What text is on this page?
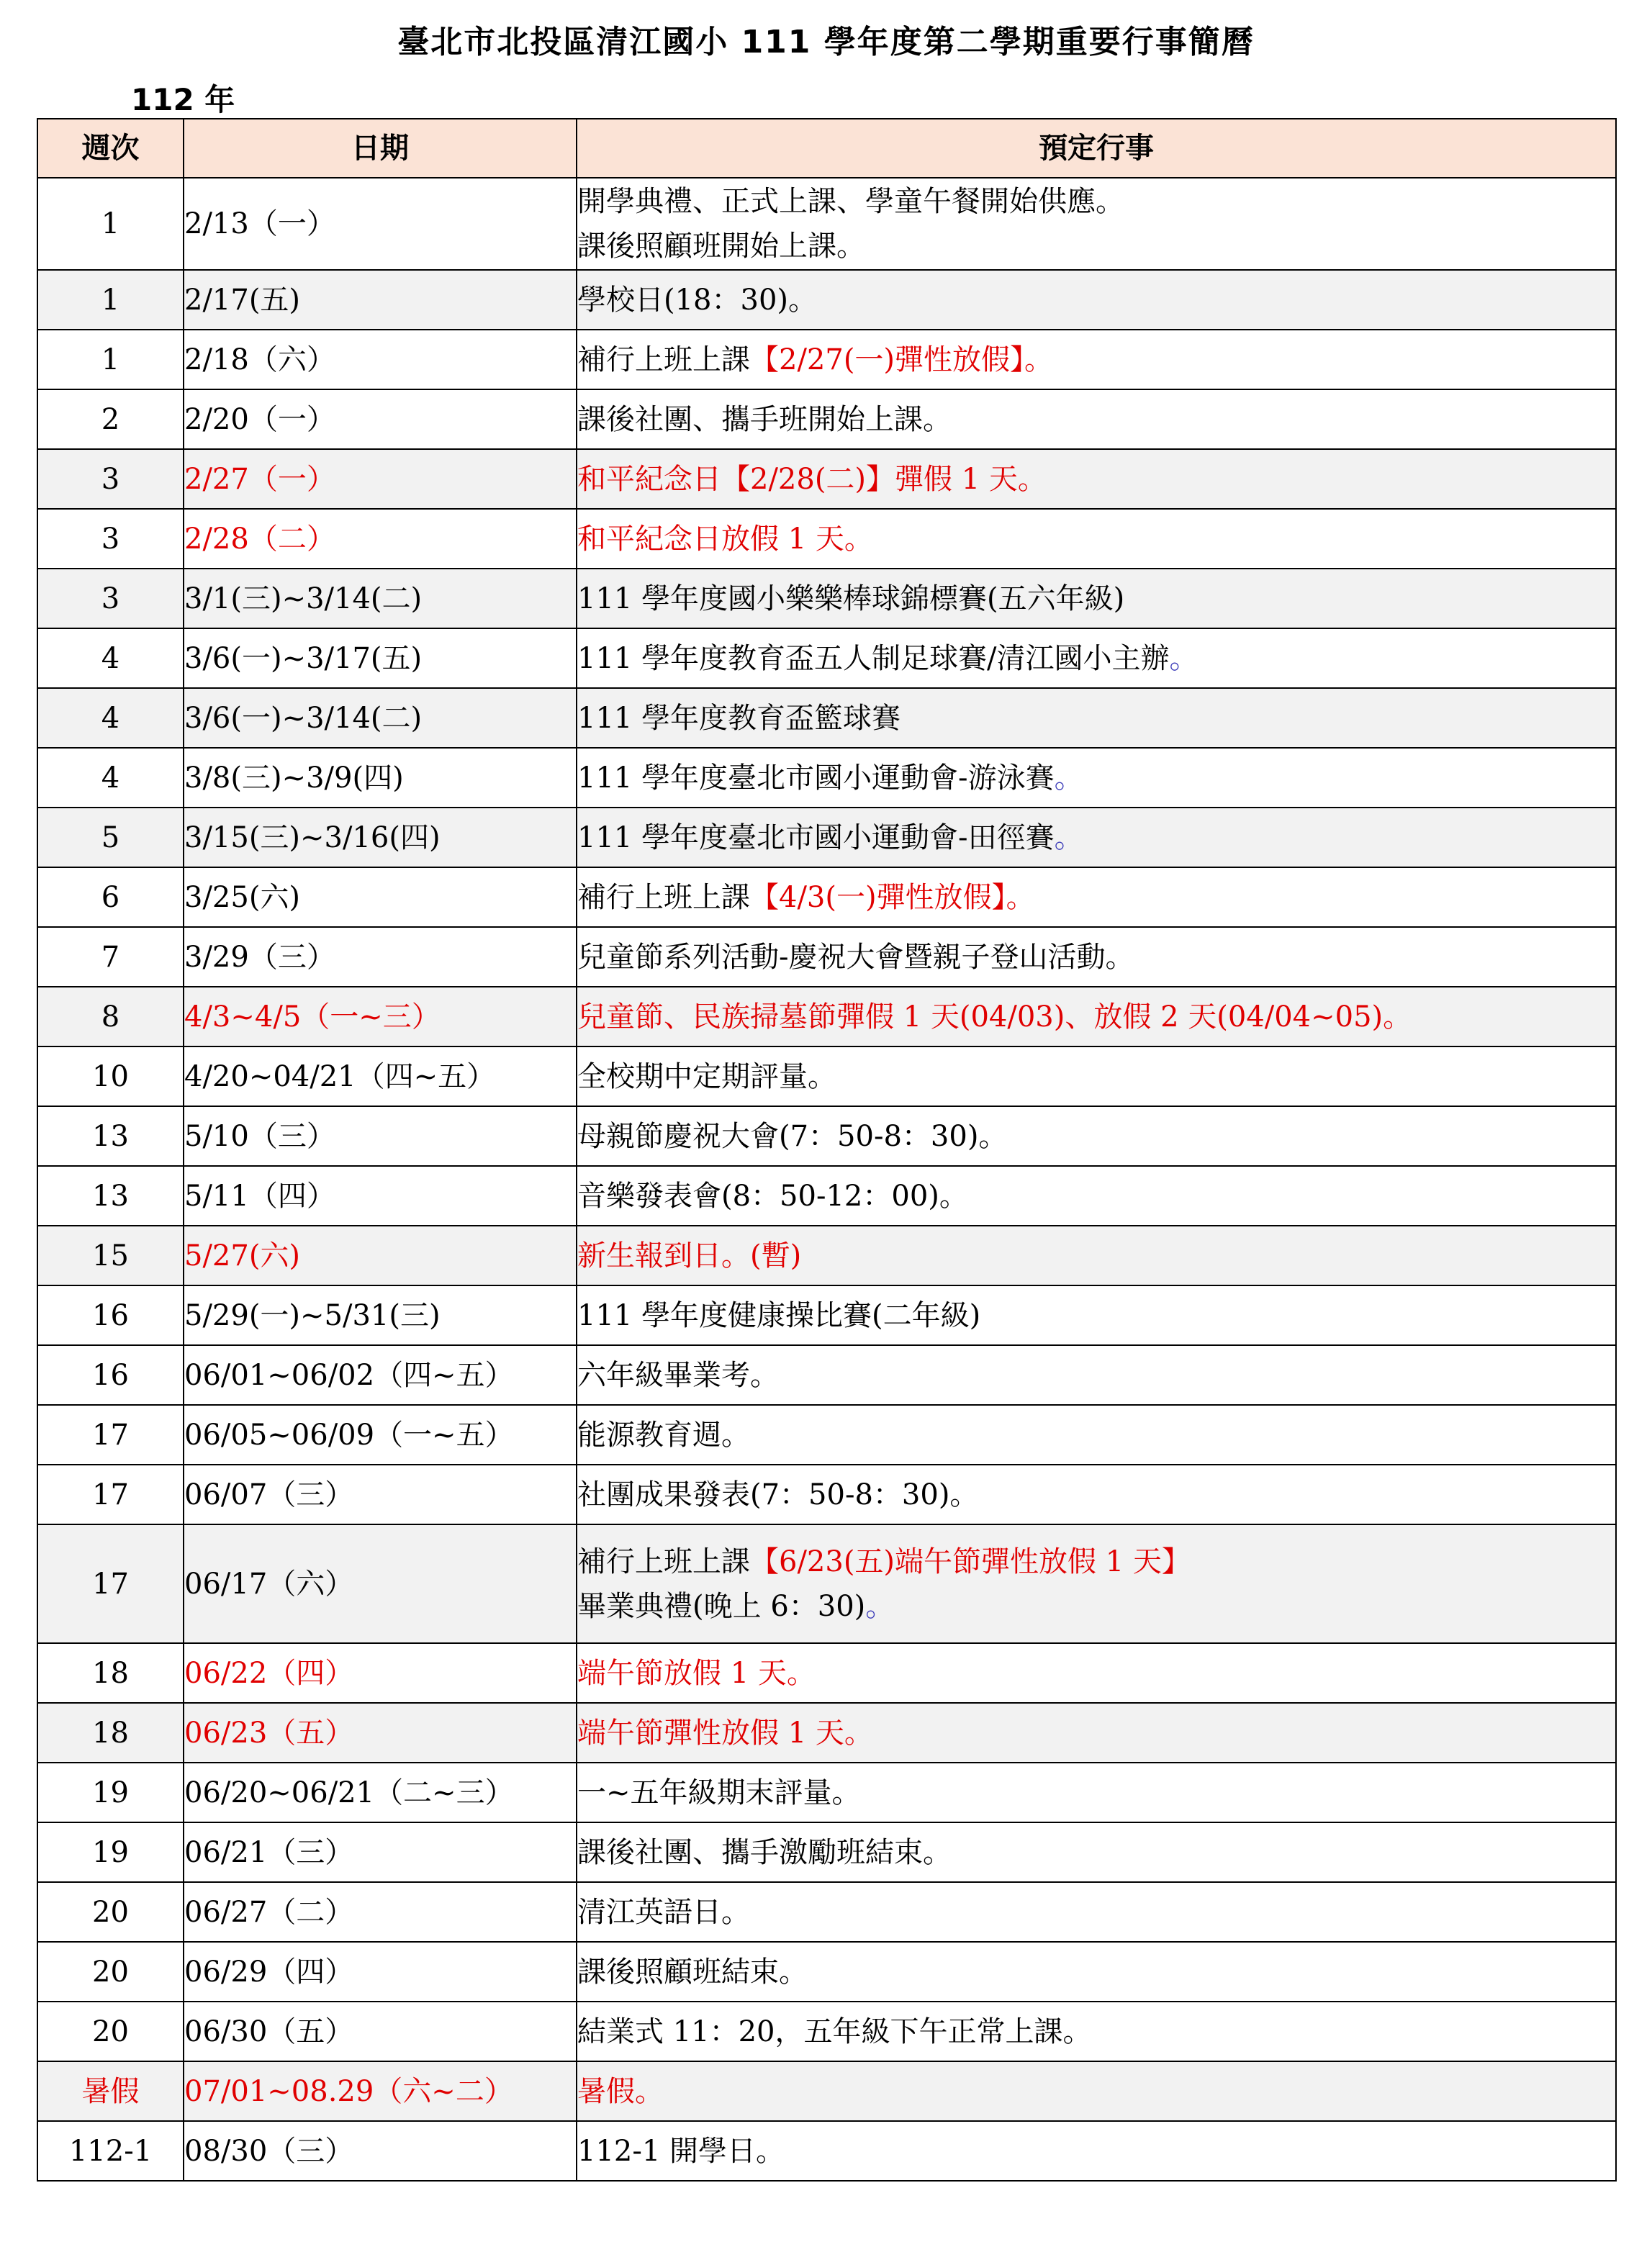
臺北市北投區清江國小 111 學年度第二學期重要行事簡曆
112 年
週次	日期	預定行事
1	2/13（一）	開學典禮、正式上課、學童午餐開始供應。
課後照顧班開始上課。

1	2/17(五)	學校日(18：30)。
1	2/18（六）	補行上班上課【2/27(一)彈性放假】。
2	2/20（一）	課後社團、攜手班開始上課。
3	2/27（一）	和平紀念日【2/28(二)】彈假 1 天。
3	2/28（二）	和平紀念日放假 1 天。
3	3/1(三)~3/14(二)	111 學年度國小樂樂棒球錦標賽(五六年級)
4	3/6(一)~3/17(五)	111 學年度教育盃五人制足球賽/清江國小主辦。
4	3/6(一)~3/14(二)	111 學年度教育盃籃球賽
4	3/8(三)~3/9(四)	111 學年度臺北市國小運動會-游泳賽。
5	3/15(三)~3/16(四)	111 學年度臺北市國小運動會-田徑賽。
6	3/25(六)	補行上班上課【4/3(一)彈性放假】。
7	3/29（三）	兒童節系列活動-慶祝大會暨親子登山活動。
8	4/3~4/5（一~三）	兒童節、民族掃墓節彈假 1 天(04/03)、放假 2 天(04/04~05)。
10	4/20~04/21（四~五）	全校期中定期評量。
13	5/10（三）	母親節慶祝大會(7：50-8：30)。
13	5/11（四）	音樂發表會(8：50-12：00)。
15	5/27(六)	新生報到日。(暫)
16	5/29(一)~5/31(三)	111 學年度健康操比賽(二年級)
16	06/01~06/02（四~五）	六年級畢業考。
17	06/05~06/09（一~五）	能源教育週。
17	06/07（三）	社團成果發表(7：50-8：30)。
17	06/17（六）	補行上班上課【6/23(五)端午節彈性放假 1 天】
畢業典禮(晚上 6：30)。

18	06/22（四）	端午節放假 1 天。
18	06/23（五）	端午節彈性放假 1 天。
19	06/20~06/21（二~三）	一~五年級期末評量。
19	06/21（三）	課後社團、攜手激勵班結束。
20	06/27（二）	清江英語日。
20	06/29（四）	課後照顧班結束。
20	06/30（五）	結業式 11：20，五年級下午正常上課。
暑假	07/01~08.29（六~二）	暑假。
112-1	08/30（三）	112-1 開學日。
